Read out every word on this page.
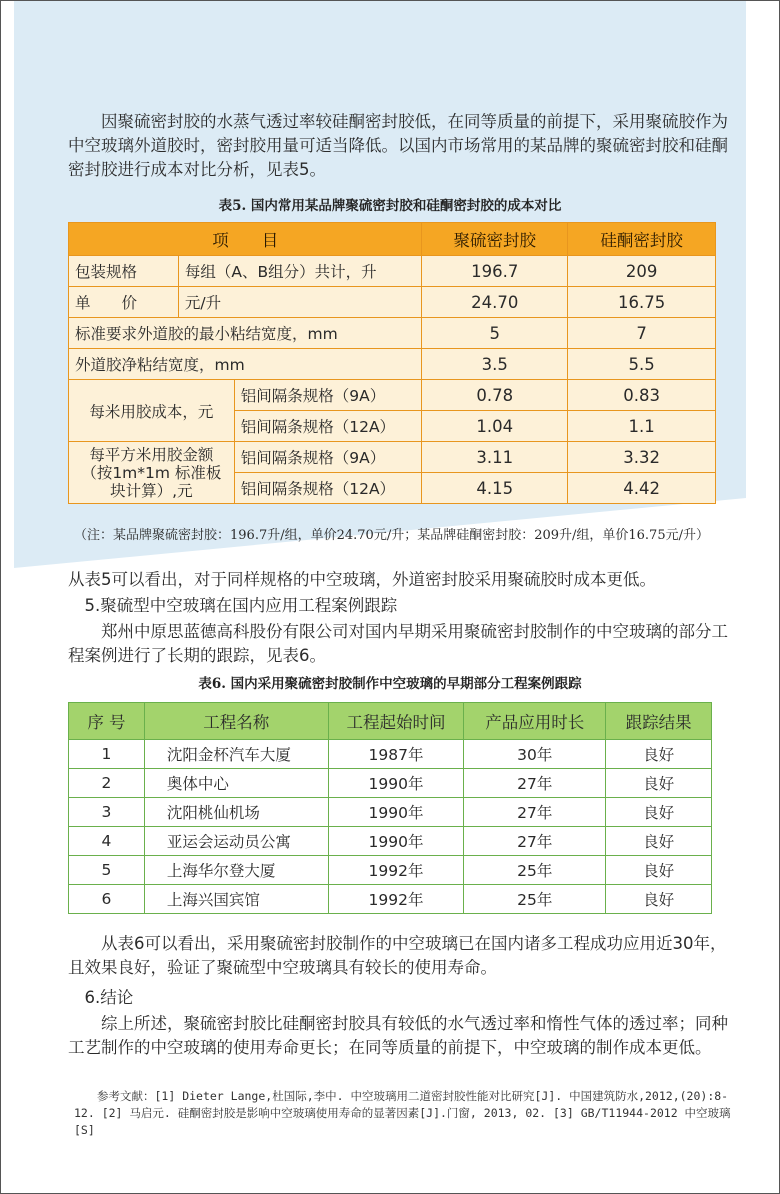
　　因聚硫密封胶的水蒸气透过率较硅酮密封胶低，在同等质量的前提下，采用聚硫胶作为中空玻璃外道胶时，密封胶用量可适当降低。以国内市场常用的某品牌的聚硫密封胶和硅酮密封胶进行成本对比分析，见表5。

表5. 国内常用某品牌聚硫密封胶和硅酮密封胶的成本对比

项　　目			聚硫密封胶	硅酮密封胶
包装规格	每组（A、B组分）共计，升		196.7	209
单　　价	元/升		24.70	16.75
标准要求外道胶的最小粘结宽度，mm			5	7
外道胶净粘结宽度，mm			3.5	5.5
每米用胶成本，元		铝间隔条规格（9A）	0.78	0.83
		铝间隔条规格（12A）	1.04	1.1
每平方米用胶金额（按1m*1m 标准板块计算）,元		铝间隔条规格（9A）	3.11	3.32
		铝间隔条规格（12A）	4.15	4.42

（注：某品牌聚硫密封胶：196.7升/组，单价24.70元/升；某品牌硅酮密封胶：209升/组，单价16.75元/升）

从表5可以看出，对于同样规格的中空玻璃，外道密封胶采用聚硫胶时成本更低。

　5.聚硫型中空玻璃在国内应用工程案例跟踪

　　郑州中原思蓝德高科股份有限公司对国内早期采用聚硫密封胶制作的中空玻璃的部分工程案例进行了长期的跟踪，见表6。

表6. 国内采用聚硫密封胶制作中空玻璃的早期部分工程案例跟踪

序 号	工程名称	工程起始时间	产品应用时长	跟踪结果
1	沈阳金杯汽车大厦	1987年	30年	良好
2	奥体中心	1990年	27年	良好
3	沈阳桃仙机场	1990年	27年	良好
4	亚运会运动员公寓	1990年	27年	良好
5	上海华尔登大厦	1992年	25年	良好
6	上海兴国宾馆	1992年	25年	良好

　　从表6可以看出，采用聚硫密封胶制作的中空玻璃已在国内诸多工程成功应用近30年，且效果良好，验证了聚硫型中空玻璃具有较长的使用寿命。

　6.结论

　　综上所述，聚硫密封胶比硅酮密封胶具有较低的水气透过率和惰性气体的透过率；同种工艺制作的中空玻璃的使用寿命更长；在同等质量的前提下，中空玻璃的制作成本更低。

　　参考文献：[1] Dieter Lange,杜国际,李中. 中空玻璃用二道密封胶性能对比研究[J]. 中国建筑防水,2012,(20):8-12. [2] 马启元. 硅酮密封胶是影响中空玻璃使用寿命的显著因素[J].门窗, 2013, 02. [3] GB/T11944-2012 中空玻璃 [S]
